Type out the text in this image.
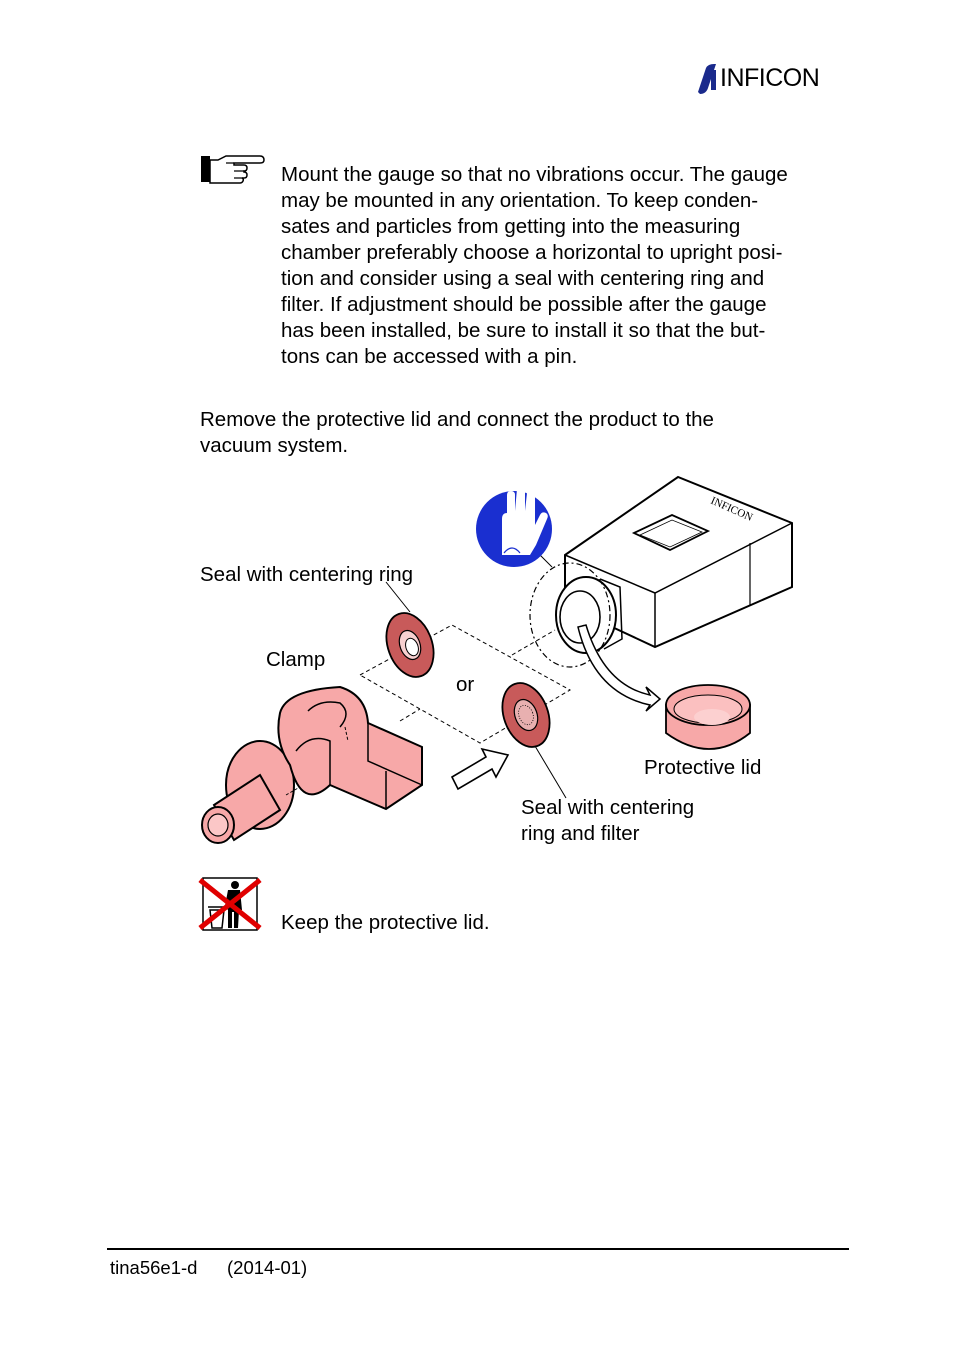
INFICON
Mount the gauge so that no vibrations occur. The gauge
may be mounted in any orientation. To keep conden-
sates and particles from getting into the measuring
chamber preferably choose a horizontal to upright posi-
tion and consider using a seal with centering ring and
filter. If adjustment should be possible after the gauge
has been installed, be sure to install it so that the but-
tons can be accessed with a pin.
Remove the protective lid and connect the product to the
vacuum system.
INFICON
Seal with centering ring
Clamp
or
Protective lid
Seal with centering
ring and filter
Keep the protective lid.
tina56e1-d (2014-01)
